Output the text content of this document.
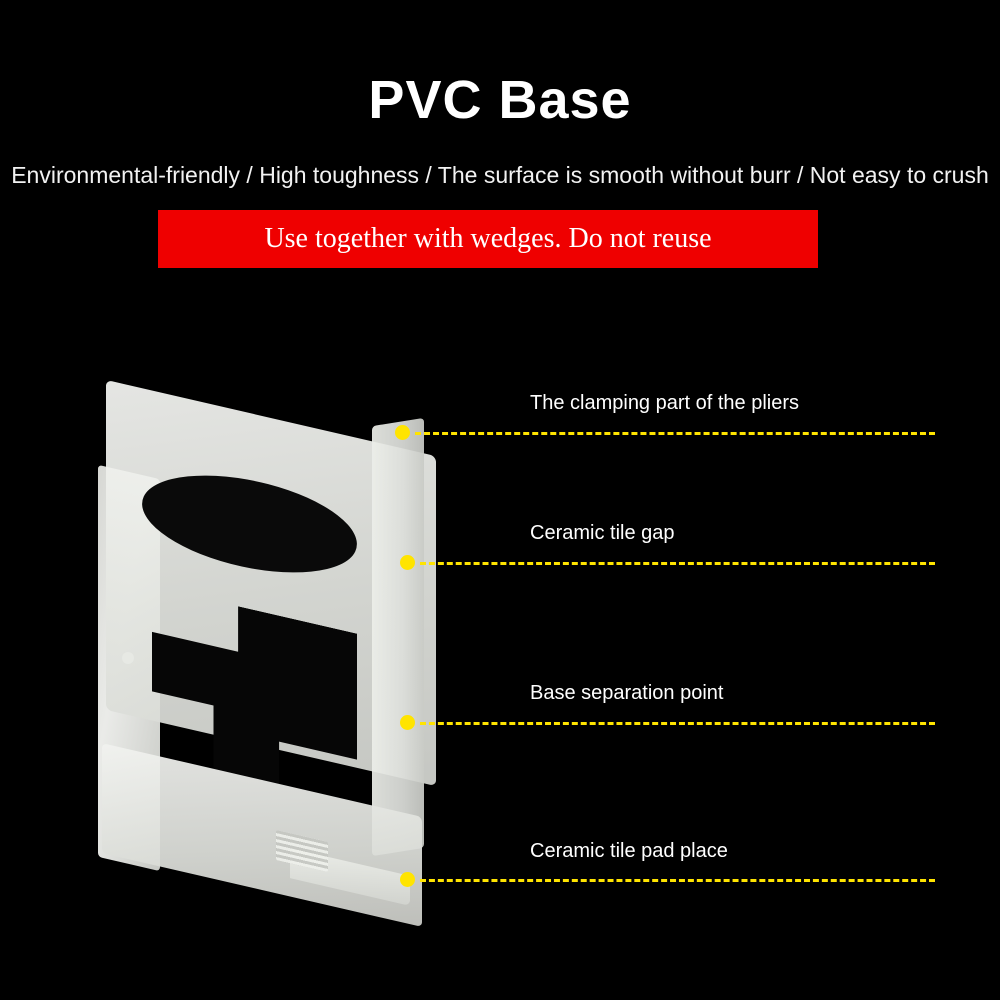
PVC Base
Environmental-friendly / High toughness / The surface is smooth without burr / Not easy to crush
Use together with wedges. Do not reuse
The clamping part of the pliers
Ceramic tile gap
Base separation point
Ceramic tile pad place
